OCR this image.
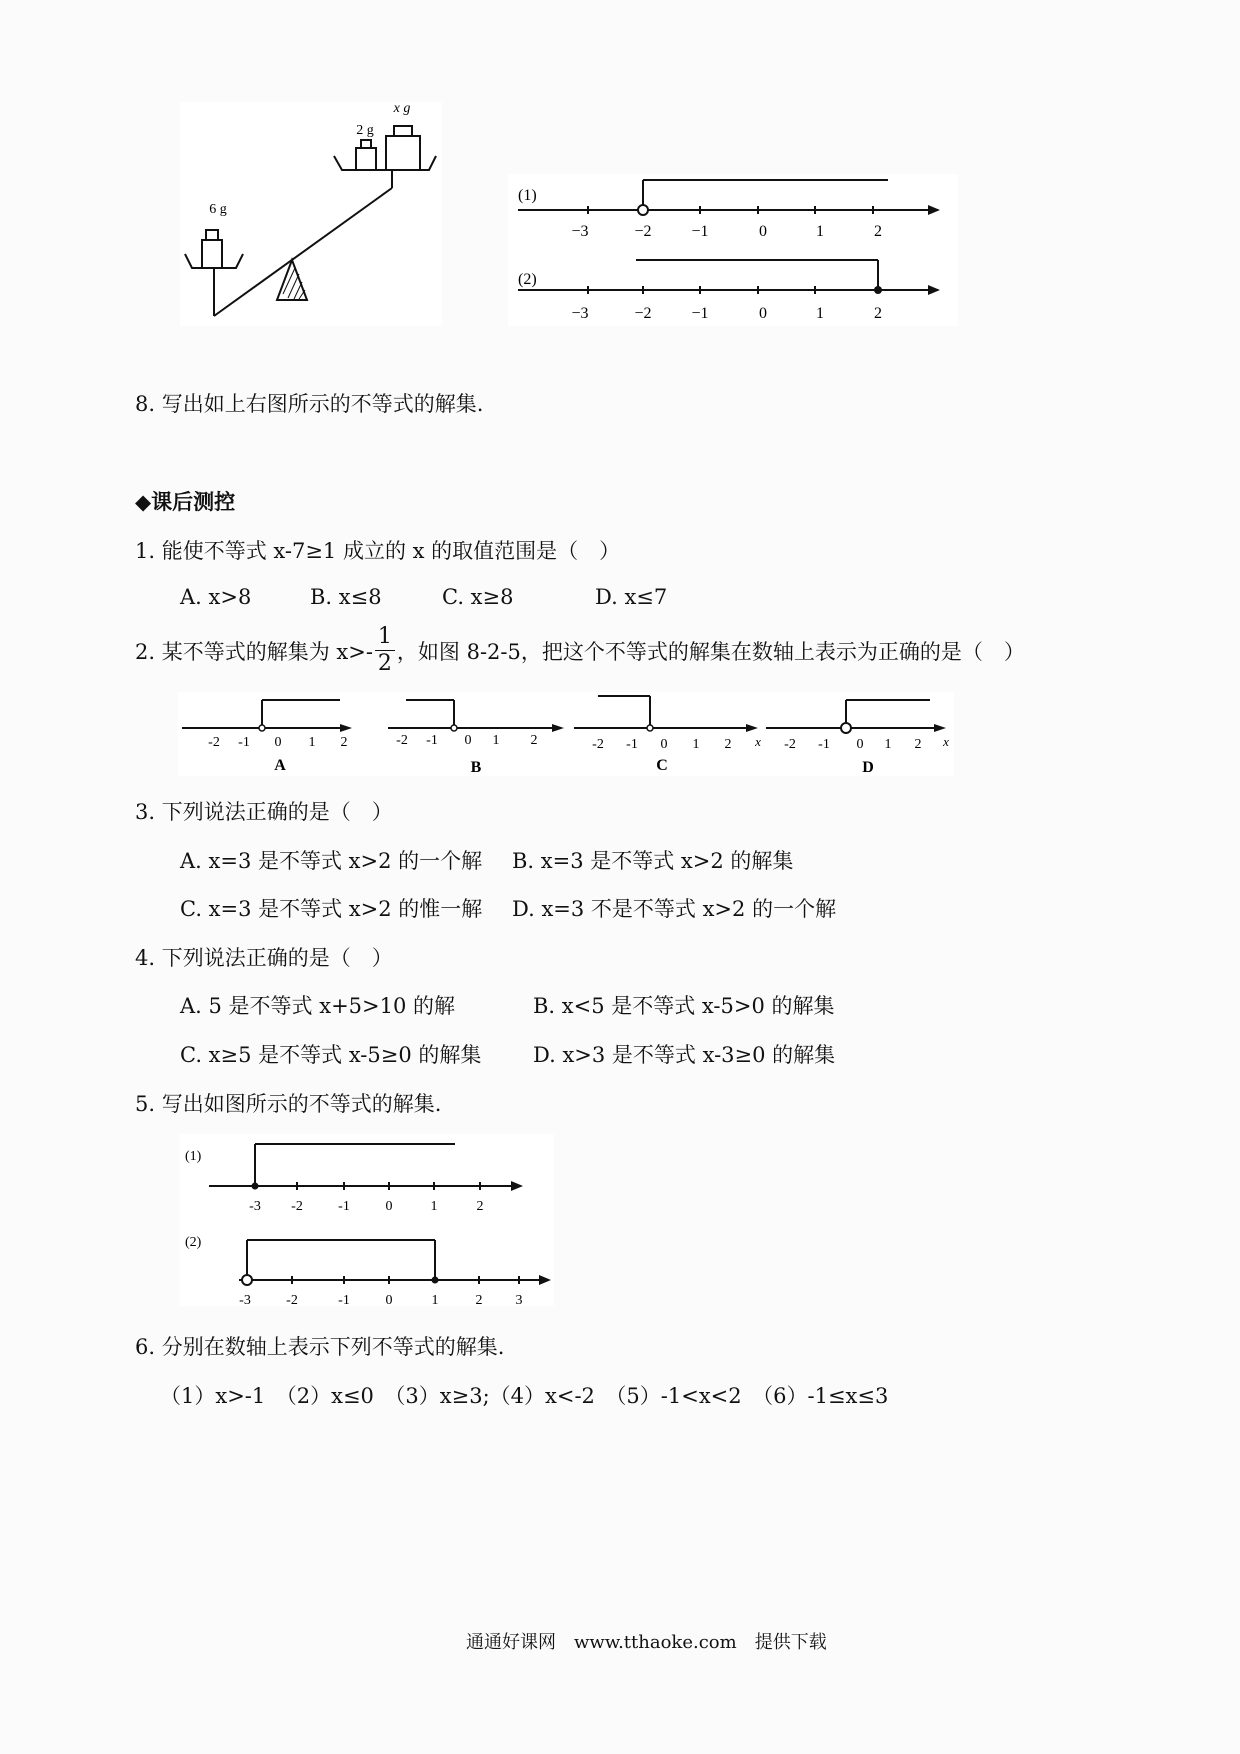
6 g
2 g
x g
(1)
−3	−2 −1	0	1	2
(2)
−3	−2 −1	0	1	2
8. 写出如上右图所示的不等式的解集.
◆课后测控
1. 能使不等式 x-7≥1 成立的 x 的取值范围是（　）
A. x>8	B. x≤8	C. x≥8	D. x≤7
2. 某不等式的解集为 $x>- \frac{1}{2}$ ，如图 8-2-5，把这个不等式的解集在数轴上表示为正确的是（　）
-2 -1 0 1 2
A
-2 -1 0 1 2
B
-2 -1 0 1 2 x
C
-2 -1 0 1 2 x
D
3. 下列说法正确的是（　）
A. x=3 是不等式 x>2 的一个解 B. x=3 是不等式 x>2 的解集
C. x=3 是不等式 x>2 的惟一解 D. x=3 不是不等式 x>2 的一个解
4. 下列说法正确的是（　）
A. 5 是不等式 x+5>10 的解	B. x<5 是不等式 x-5>0 的解集
C. x≥5 是不等式 x-5≥0 的解集 D. x>3 是不等式 x-3≥0 的解集
5. 写出如图所示的不等式的解集.
(1)
-3 -2	-1	0	1	2
(2)
-3	-2	-1	0	1	2 3
6. 分别在数轴上表示下列不等式的解集.
（1）x>-1　（2）x≤0　（3）x≥3;（4）x<-2　（5）-1<x<2　（6）-1≤x≤3
通通好课网　www.tthaoke.com　提供下载
